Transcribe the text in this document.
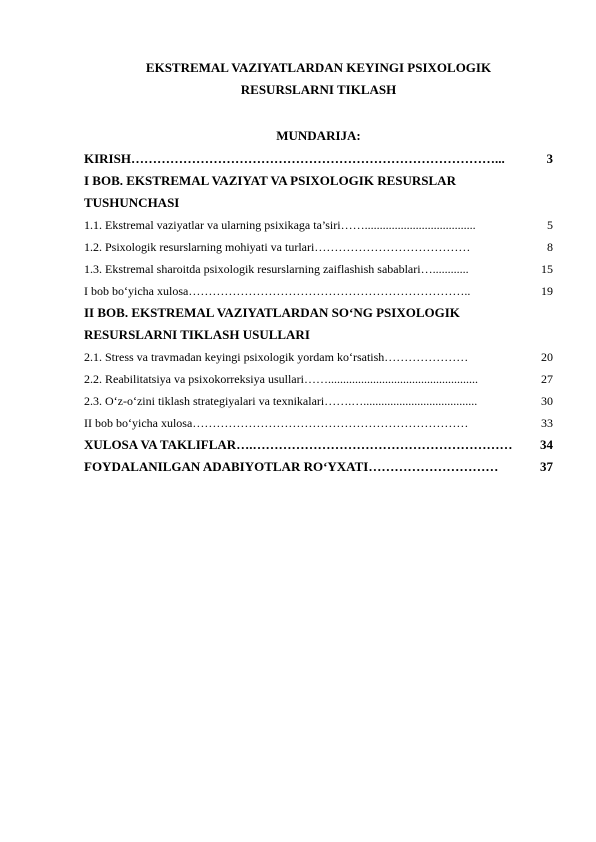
EKSTREMAL VAZIYATLARDAN KEYINGI PSIXOLOGIK
RESURSLARNI TIKLASH
MUNDARIJA:
KIRISH …………………………………………………………………………...	3
I BOB. EKSTREMAL VAZIYAT VA PSIXOLOGIK RESURSLAR
TUSHUNCHASI
1.1. Ekstremal vaziyatlar va ularning psixikaga ta’siri …….....................................	5
1.2. Psixologik resurslarning mohiyati va turlari …………………………………	8
1.3. Ekstremal sharoitda psixologik resurslarning zaiflashish sabablari …............	15
I bob bo‘yicha xulosa ……………………………………………………………..	19
II BOB. EKSTREMAL VAZIYATLARDAN SO‘NG PSIXOLOGIK
RESURSLARNI TIKLASH USULLARI
2.1. Stress va travmadan keyingi psixologik yordam ko‘rsatish …………………	20
2.2. Reabilitatsiya va psixokorreksiya usullari ……..................................................	27
2.3. O‘z-o‘zini tiklash strategiyalari va texnikalari …….…......................................	30
II bob bo‘yicha xulosa ……………………………………………………………	33
XULOSA VA TAKLIFLAR ….……………………………………………………	34
FOYDALANILGAN ADABIYOTLAR RO‘YXATI …………………………	37
